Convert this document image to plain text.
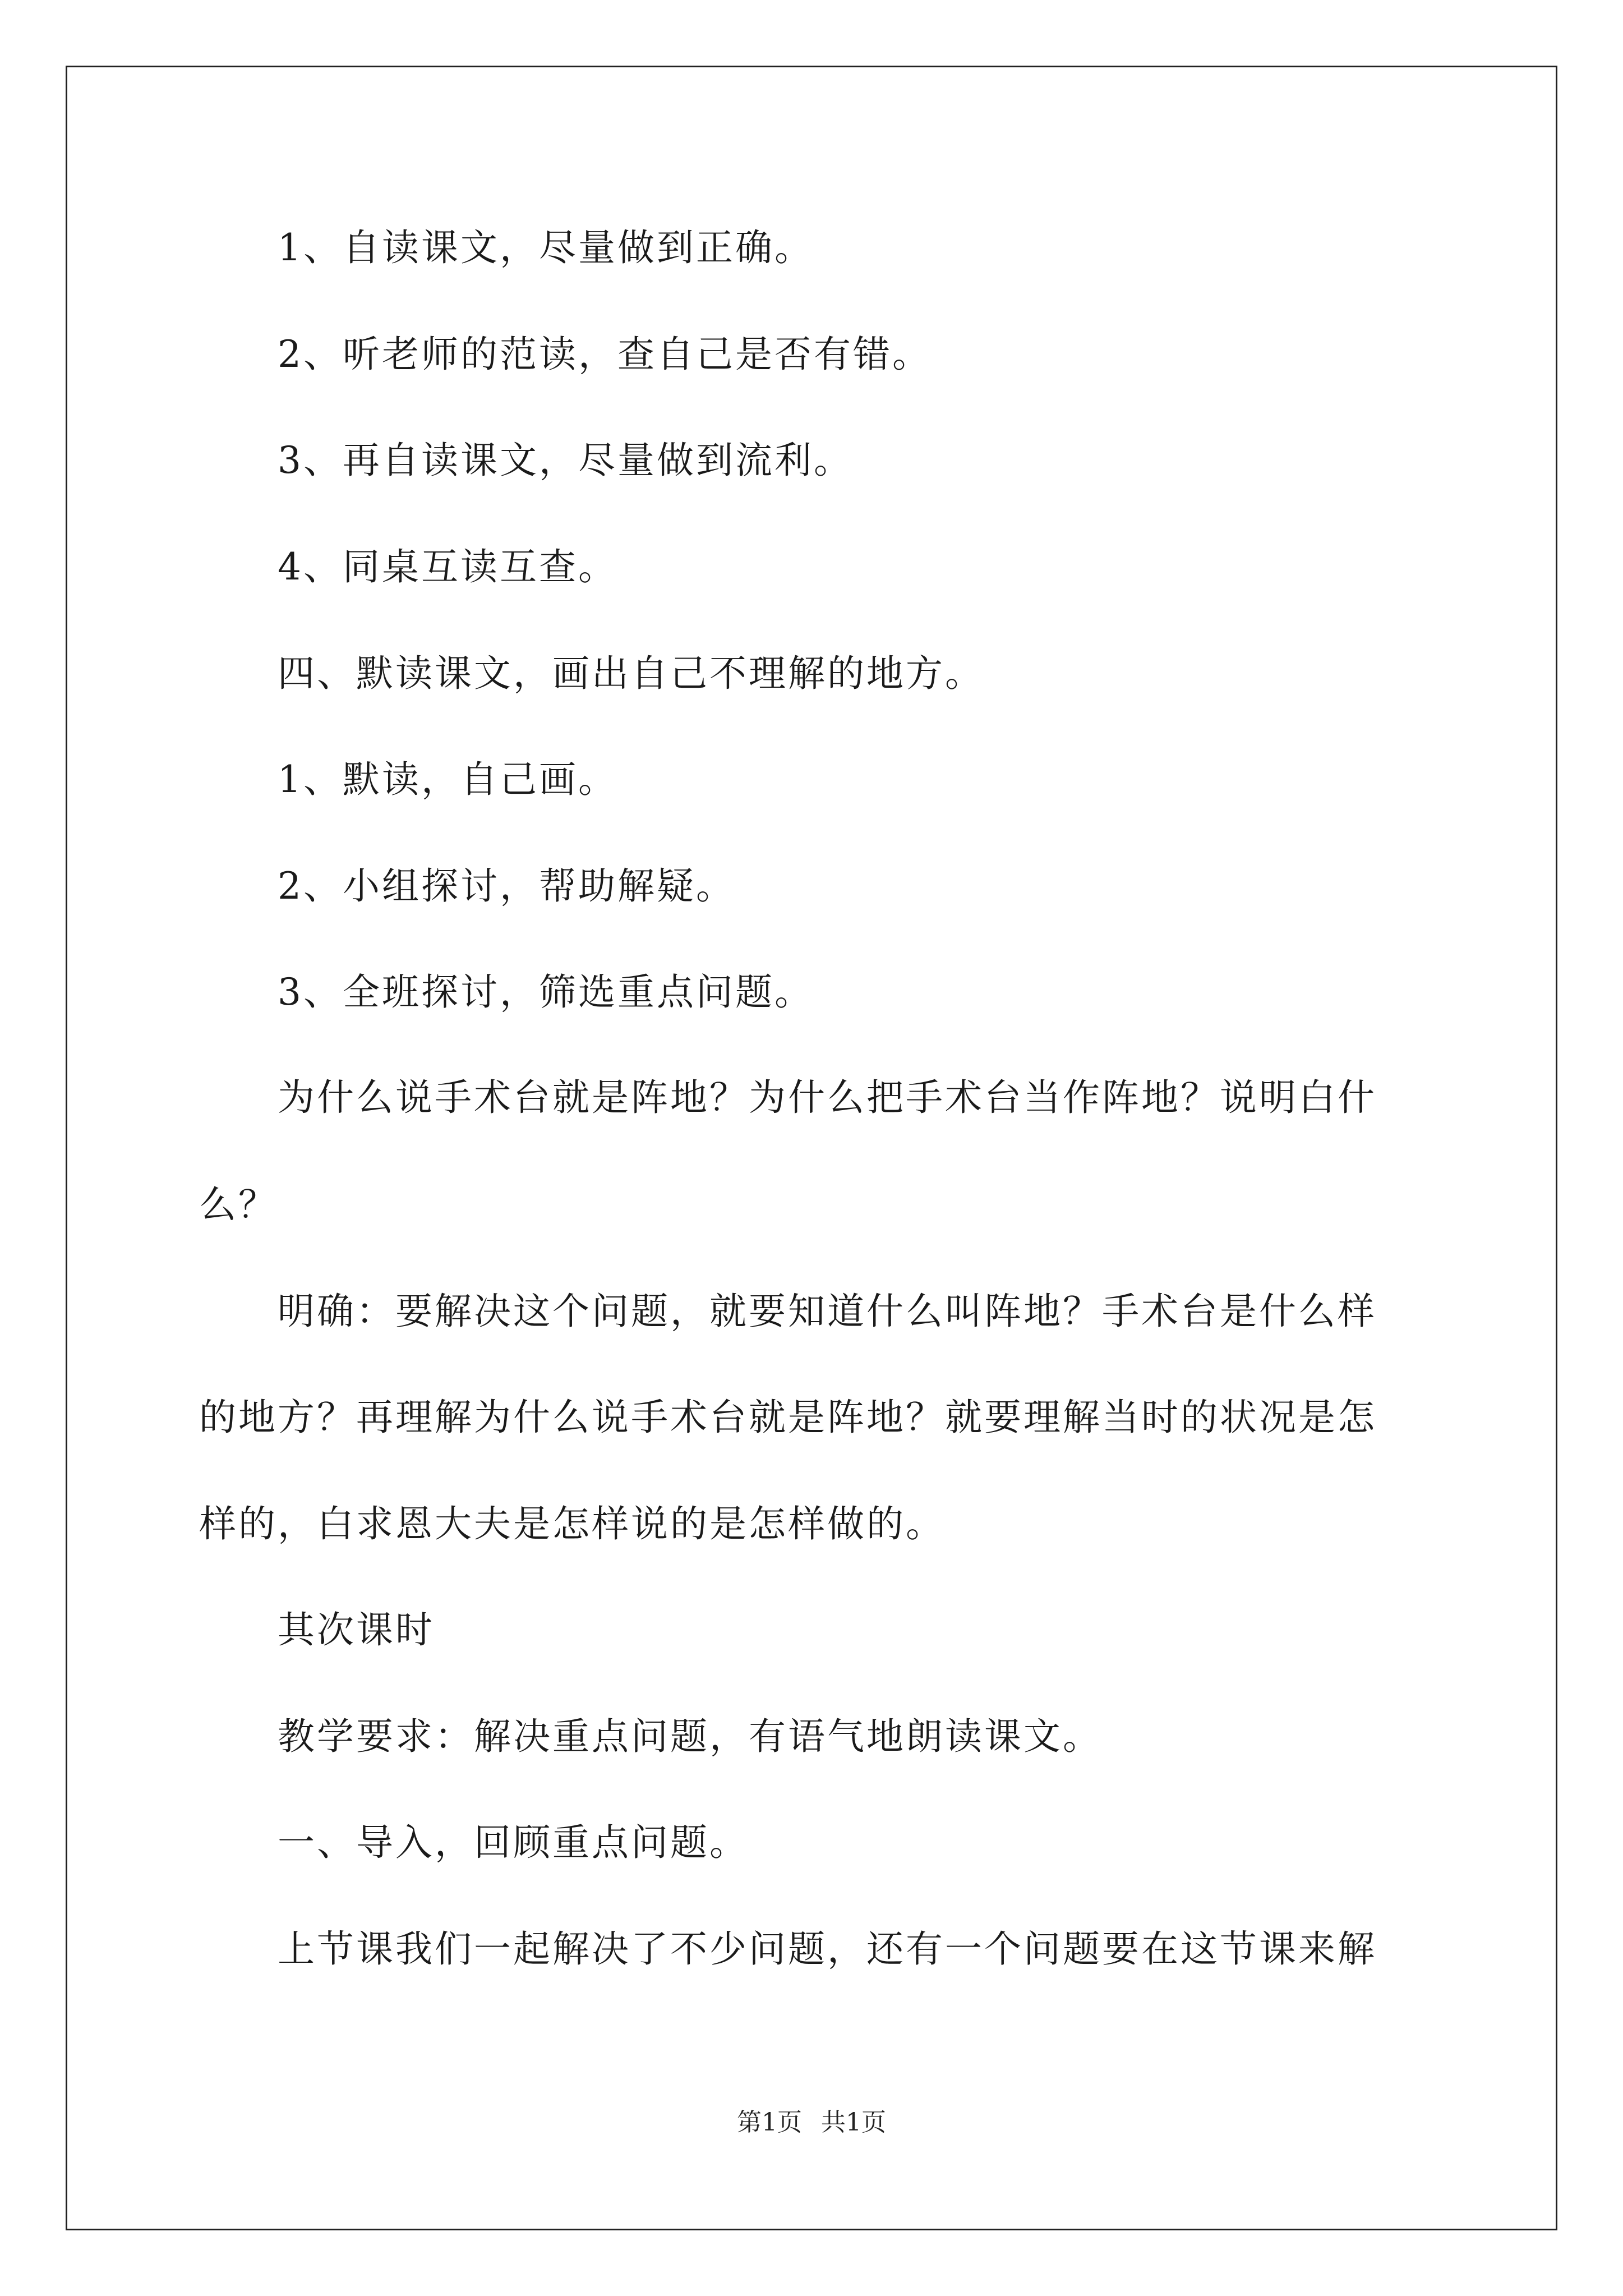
1、自读课文，尽量做到正确。
2、听老师的范读，查自己是否有错。
3、再自读课文，尽量做到流利。
4、同桌互读互查。
四、默读课文，画出自己不理解的地方。
1、默读，自己画。
2、小组探讨，帮助解疑。
3、全班探讨，筛选重点问题。
为什么说手术台就是阵地？为什么把手术台当作阵地？说明白什
么？
明确：要解决这个问题，就要知道什么叫阵地？手术台是什么样
的地方？再理解为什么说手术台就是阵地？就要理解当时的状况是怎
样的，白求恩大夫是怎样说的是怎样做的。
其次课时
教学要求：解决重点问题，有语气地朗读课文。
一、导入，回顾重点问题。
上节课我们一起解决了不少问题，还有一个问题要在这节课来解
第1页 共1页
